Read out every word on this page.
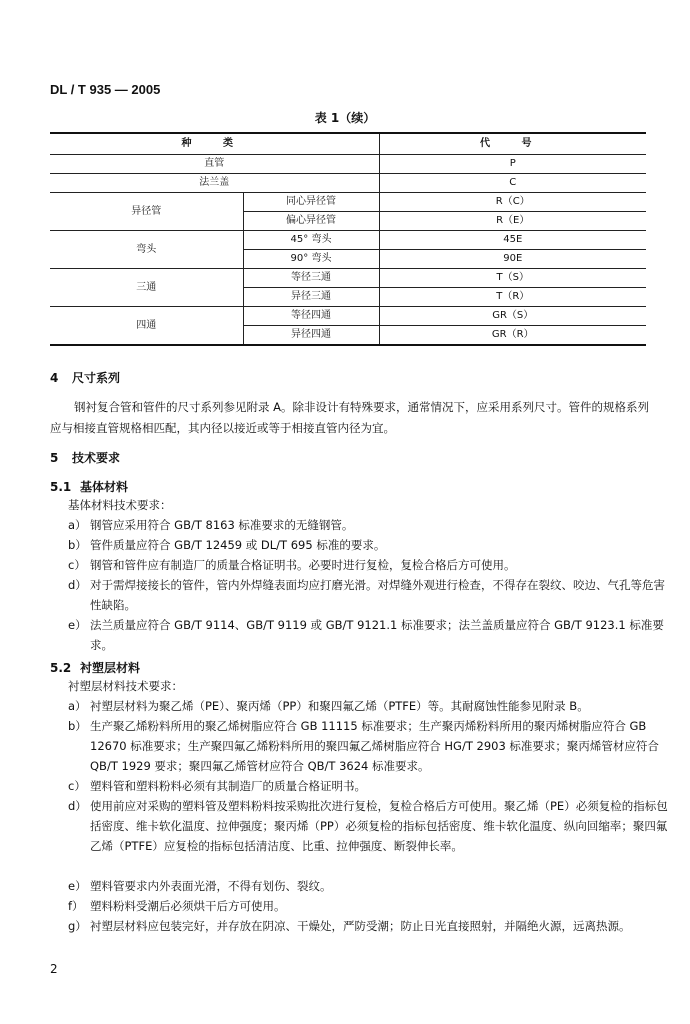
DL / T 935 — 2005
表 1（续）
种 类		代 号
直管		P
法兰盖		C
异径管	同心异径管	R（C）
	偏心异径管	R（E）
弯头	45° 弯头	45E
	90° 弯头	90E
三通	等径三通	T（S）
	异径三通	T（R）
四通	等径四通	GR（S）
	异径四通	GR（R）
4 尺寸系列
钢衬复合管和管件的尺寸系列参见附录 A。除非设计有特殊要求，通常情况下，应采用系列尺寸。管件的规格系列应与相接直管规格相匹配，其内径以接近或等于相接直管内径为宜。
5 技术要求
5.1 基体材料
基体材料技术要求：
a） 钢管应采用符合 GB/T 8163 标准要求的无缝钢管。
b） 管件质量应符合 GB/T 12459 或 DL/T 695 标准的要求。
c） 钢管和管件应有制造厂的质量合格证明书。必要时进行复检，复检合格后方可使用。
d） 对于需焊接接长的管件，管内外焊缝表面均应打磨光滑。对焊缝外观进行检查，不得存在裂纹、咬边、气孔等危害性缺陷。
e） 法兰质量应符合 GB/T 9114、GB/T 9119 或 GB/T 9121.1 标准要求；法兰盖质量应符合 GB/T 9123.1 标准要求。
5.2 衬塑层材料
衬塑层材料技术要求：
a） 衬塑层材料为聚乙烯（PE）、聚丙烯（PP）和聚四氟乙烯（PTFE）等。其耐腐蚀性能参见附录 B。
b） 生产聚乙烯粉料所用的聚乙烯树脂应符合 GB 11115 标准要求；生产聚丙烯粉料所用的聚丙烯树脂应符合 GB 12670 标准要求；生产聚四氟乙烯粉料所用的聚四氟乙烯树脂应符合 HG/T 2903 标准要求；聚丙烯管材应符合 QB/T 1929 要求；聚四氟乙烯管材应符合 QB/T 3624 标准要求。
c） 塑料管和塑料粉料必须有其制造厂的质量合格证明书。
d） 使用前应对采购的塑料管及塑料粉料按采购批次进行复检，复检合格后方可使用。聚乙烯（PE）必须复检的指标包括密度、维卡软化温度、拉伸强度；聚丙烯（PP）必须复检的指标包括密度、维卡软化温度、纵向回缩率；聚四氟乙烯（PTFE）应复检的指标包括清洁度、比重、拉伸强度、断裂伸长率。
e） 塑料管要求内外表面光滑，不得有划伤、裂纹。
f） 塑料粉料受潮后必须烘干后方可使用。
g） 衬塑层材料应包装完好，并存放在阴凉、干燥处，严防受潮；防止日光直接照射，并隔绝火源，远离热源。
2
